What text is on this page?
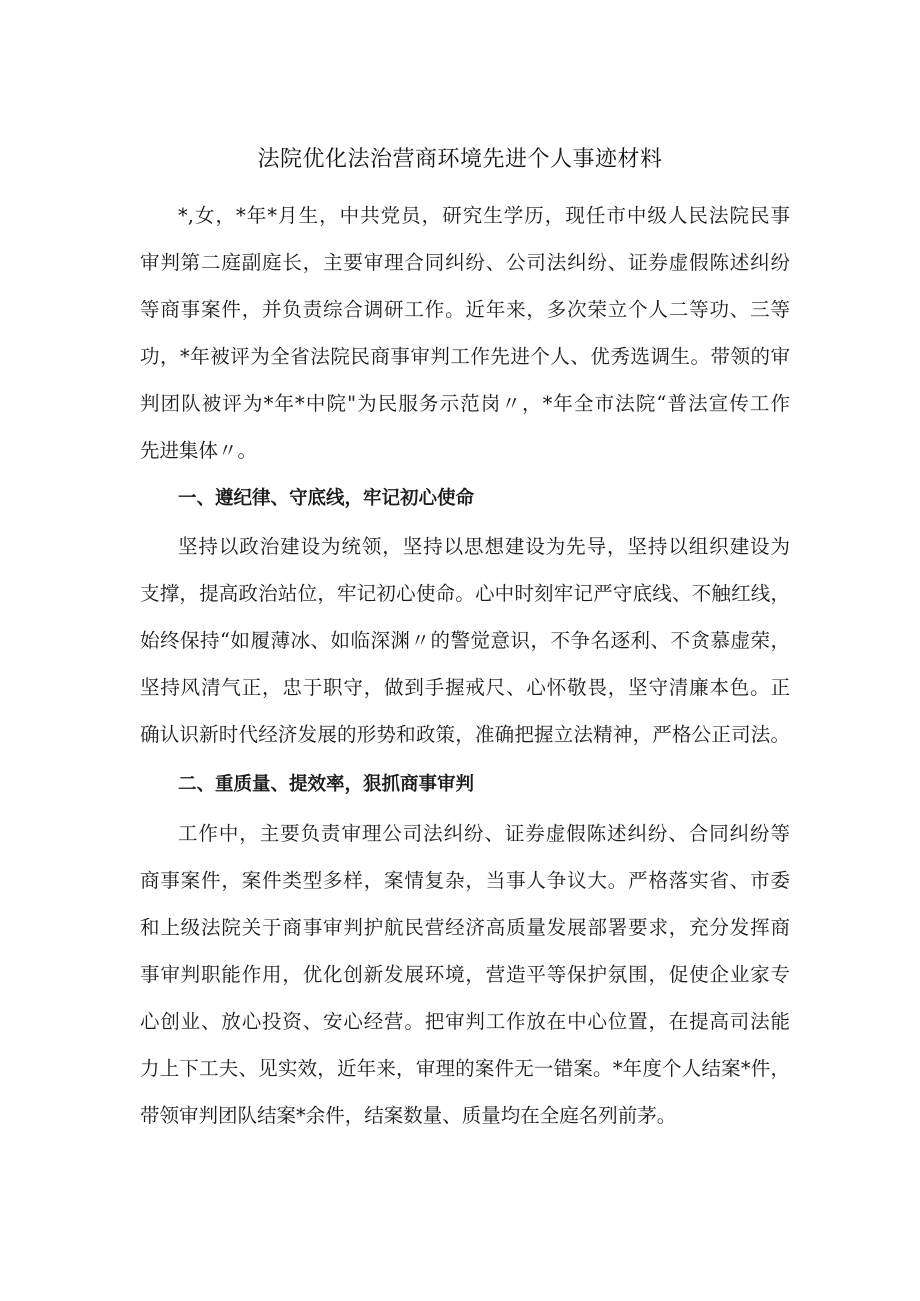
法院优化法治营商环境先进个人事迹材料
*,女，*年*月生，中共党员，研究生学历，现任市中级人民法院民事
审判第二庭副庭长，主要审理合同纠纷、公司法纠纷、证券虚假陈述纠纷
等商事案件，并负责综合调研工作。近年来，多次荣立个人二等功、三等
功，*年被评为全省法院民商事审判工作先进个人、优秀选调生。带领的审
判团队被评为*年*中院"为民服务示范岗〃，*年全市法院“普法宣传工作
先进集体〃。
一、遵纪律、守底线，牢记初心使命
坚持以政治建设为统领，坚持以思想建设为先导，坚持以组织建设为
支撑，提高政治站位，牢记初心使命。心中时刻牢记严守底线、不触红线，
始终保持“如履薄冰、如临深渊〃的警觉意识，不争名逐利、不贪慕虚荣，
坚持风清气正，忠于职守，做到手握戒尺、心怀敬畏，坚守清廉本色。正
确认识新时代经济发展的形势和政策，准确把握立法精神，严格公正司法。
二、重质量、提效率，狠抓商事审判
工作中，主要负责审理公司法纠纷、证券虚假陈述纠纷、合同纠纷等
商事案件，案件类型多样，案情复杂，当事人争议大。严格落实省、市委
和上级法院关于商事审判护航民营经济高质量发展部署要求，充分发挥商
事审判职能作用，优化创新发展环境，营造平等保护氛围，促使企业家专
心创业、放心投资、安心经营。把审判工作放在中心位置，在提高司法能
力上下工夫、见实效，近年来，审理的案件无一错案。*年度个人结案*件，
带领审判团队结案*余件，结案数量、质量均在全庭名列前茅。
